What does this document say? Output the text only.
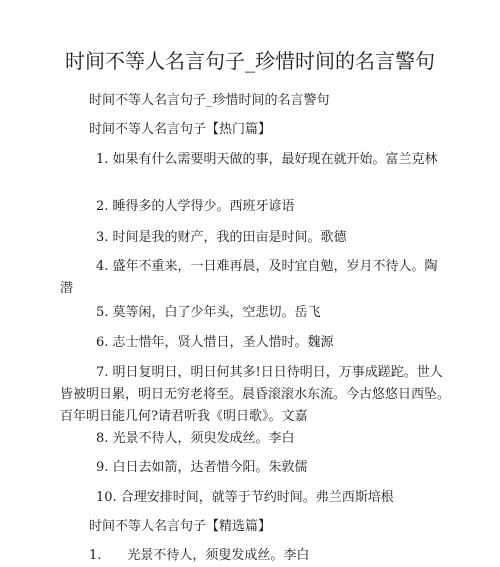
时间不等人名言句子_珍惜时间的名言警句
时间不等人名言句子_珍惜时间的名言警句
时间不等人名言句子【热门篇】
1. 如果有什么需要明天做的事，最好现在就开始。富兰克林
2. 睡得多的人学得少。西班牙谚语
3. 时间是我的财产，我的田亩是时间。歌德
4. 盛年不重来，一日难再晨，及时宜自勉，岁月不待人。陶潜
5. 莫等闲，白了少年头，空悲切。岳飞
6. 志士惜年，贤人惜日，圣人惜时。魏源
7. 明日复明日，明日何其多!日日待明日，万事成蹉跎。世人皆被明日累，明日无穷老将至。晨昏滚滚水东流。今古悠悠日西坠。百年明日能几何?请君听我《明日歌》。文嘉
8. 光景不待人，须臾发成丝。李白
9. 白日去如箭，达者惜今阳。朱敦儒
10. 合理安排时间，就等于节约时间。弗兰西斯培根
时间不等人名言句子【精选篇】
1.　　光景不待人，须叟发成丝。李白
